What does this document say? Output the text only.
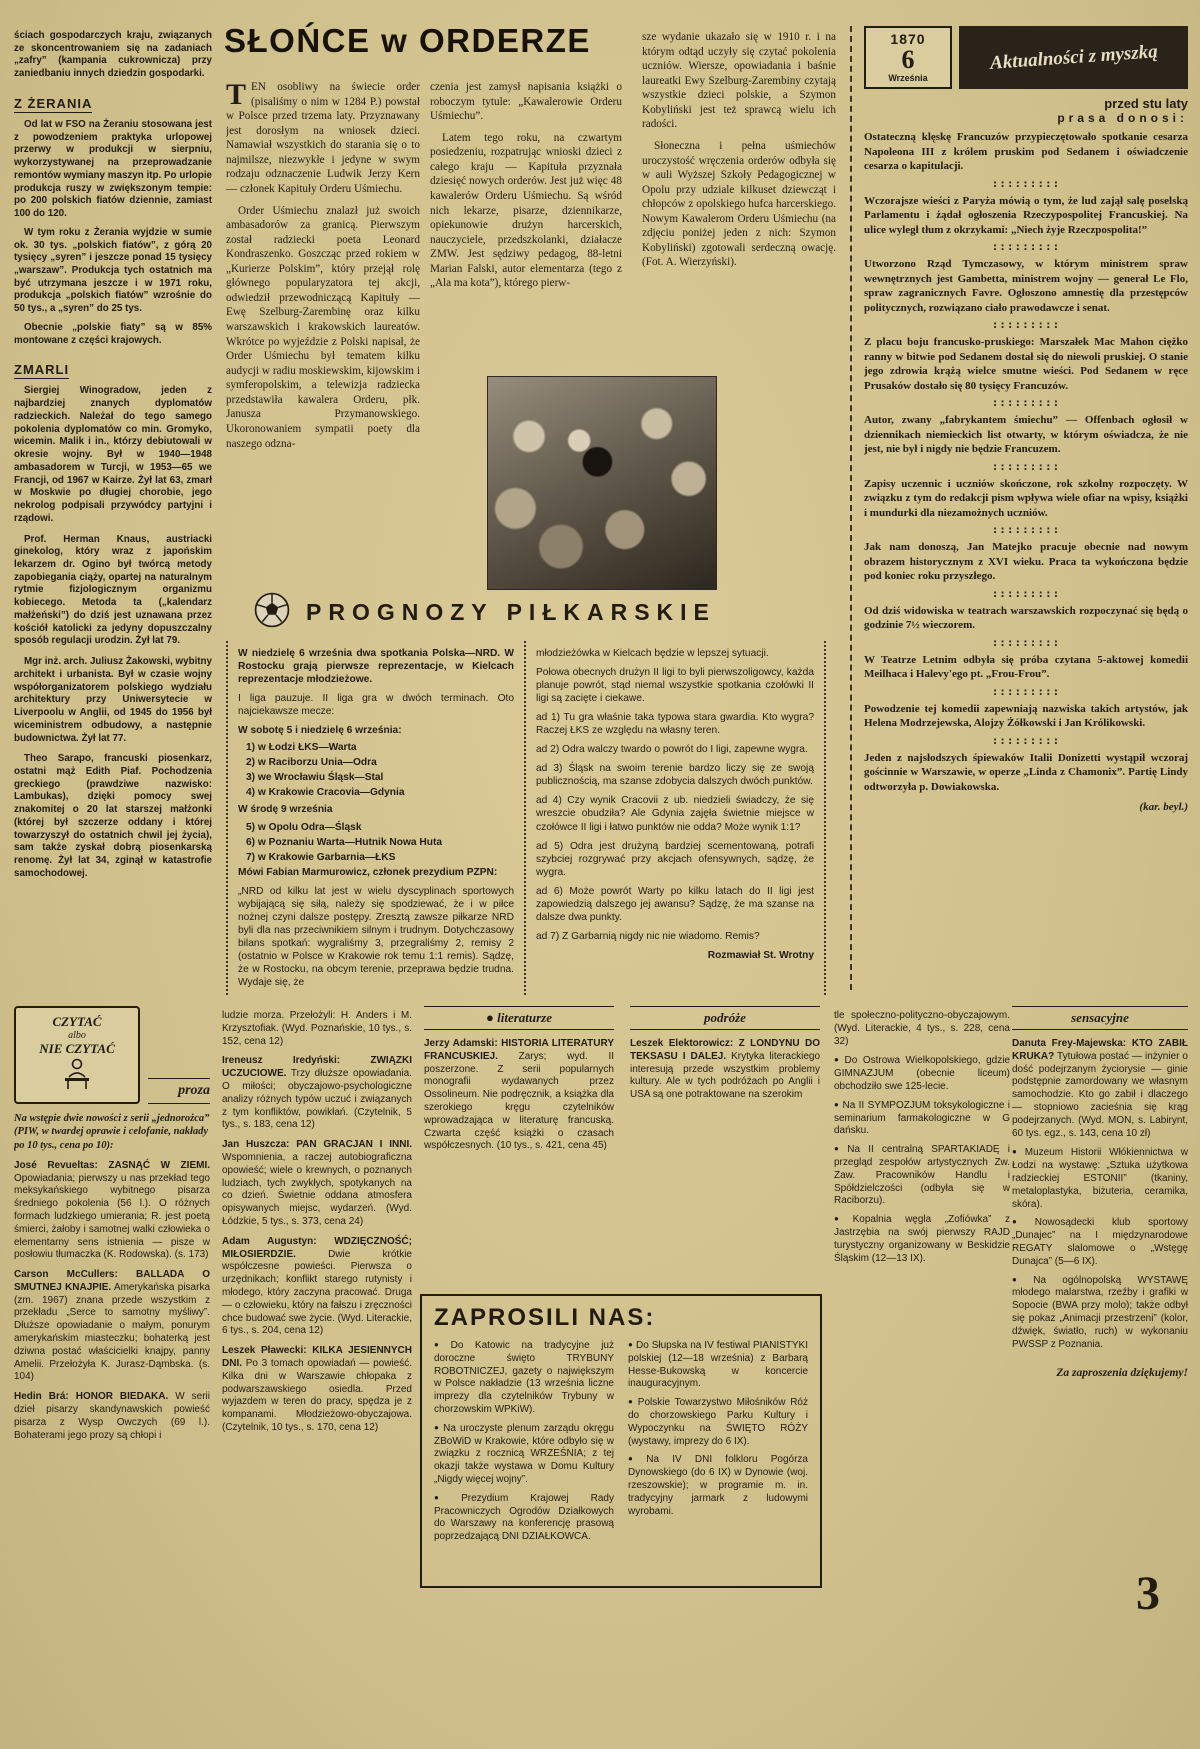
ściach gospodarczych kraju, związanych ze skoncentrowaniem się na zadaniach „zafry” (kampania cukrownicza) przy zaniedbaniu innych dziedzin gospodarki.

Z ŻERANIA

Od lat w FSO na Żeraniu stosowana jest z powodzeniem praktyka urlopowej przerwy w produkcji w sierpniu, wykorzystywanej na przeprowadzanie remontów wymiany maszyn itp. Po urlopie produkcja ruszy w zwiększonym tempie: po 200 polskich fiatów dziennie, zamiast 100 do 120.

W tym roku z Żerania wyjdzie w sumie ok. 30 tys. „polskich fiatów”, z górą 20 tysięcy „syren” i jeszcze ponad 15 tysięcy „warszaw”. Produkcja tych ostatnich ma być utrzymana jeszcze i w 1971 roku, produkcja „polskich fiatów” wzrośnie do 50 tys., a „syren” do 25 tys.

Obecnie „polskie fiaty” są w 85% montowane z części krajowych.

ZMARLI

Siergiej Winogradow, jeden z najbardziej znanych dyplomatów radzieckich. Należał do tego samego pokolenia dyplomatów co min. Gromyko, wicemin. Malik i in., którzy debiutowali w okresie wojny. Był w 1940—1948 ambasadorem w Turcji, w 1953—65 we Francji, od 1967 w Kairze. Żył lat 63, zmarł w Moskwie po długiej chorobie, jego nekrolog podpisali przywódcy partyjni i rządowi.

Prof. Herman Knaus, austriacki ginekolog, który wraz z japońskim lekarzem dr. Ogino był twórcą metody zapobiegania ciąży, opartej na naturalnym rytmie fizjologicznym organizmu kobiecego. Metoda ta („kalendarz małżeński”) do dziś jest uznawana przez kościół katolicki za jedyny dopuszczalny sposób regulacji urodzin. Żył lat 79.

Mgr inż. arch. Juliusz Żakowski, wybitny architekt i urbanista. Był w czasie wojny współorganizatorem polskiego wydziału architektury przy Uniwersytecie w Liverpoolu w Anglii, od 1945 do 1956 był wiceministrem odbudowy, a następnie budownictwa. Żył lat 77.

Theo Sarapo, francuski piosenkarz, ostatni mąż Edith Piaf. Pochodzenia greckiego (prawdziwe nazwisko: Lambukas), dzięki pomocy swej znakomitej o 20 lat starszej małżonki (której był szczerze oddany i której towarzyszył do ostatnich chwil jej życia), sam także zyskał dobrą piosenkarską renomę. Żył lat 34, zginął w katastrofie samochodowej.

SŁOŃCE w ORDERZE

TEN osobliwy na świecie order (pisaliśmy o nim w 1284 P.) powstał w Polsce przed trzema laty. Przyznawany jest dorosłym na wniosek dzieci. Namawiał wszystkich do starania się o to najmilsze, niezwykłe i jedyne w swym rodzaju odznaczenie Ludwik Jerzy Kern — członek Kapituły Orderu Uśmiechu.

Order Uśmiechu znalazł już swoich ambasadorów za granicą. Pierwszym został radziecki poeta Leonard Kondraszenko. Goszcząc przed rokiem w „Kurierze Polskim”, który przejął rolę głównego popularyzatora tej akcji, odwiedził przewodniczącą Kapituły — Ewę Szelburg-Zarembinę oraz kilku warszawskich i krakowskich laureatów. Wkrótce po wyjeździe z Polski napisał, że Order Uśmiechu był tematem kilku audycji w radiu moskiewskim, kijowskim i symferopolskim, a telewizja radziecka przedstawiła kawalera Orderu, płk. Janusza Przymanowskiego. Ukoronowaniem sympatii poety dla naszego odzna-

czenia jest zamysł napisania książki o roboczym tytule: „Kawalerowie Orderu Uśmiechu”.

Latem tego roku, na czwartym posiedzeniu, rozpatrując wnioski dzieci z całego kraju — Kapituła przyznała dziesięć nowych orderów. Jest już więc 48 kawalerów Orderu Uśmiechu. Są wśród nich lekarze, pisarze, dziennikarze, opiekunowie drużyn harcerskich, nauczyciele, przedszkolanki, działacze ZMW. Jest sędziwy pedagog, 88-letni Marian Falski, autor elementarza (tego z „Ala ma kota”), którego pierw-

sze wydanie ukazało się w 1910 r. i na którym odtąd uczyły się czytać pokolenia uczniów. Wiersze, opowiadania i baśnie laureatki Ewy Szelburg-Zarembiny czytają wszystkie dzieci polskie, a Szymon Kobyliński jest też sprawcą wielu ich radości.

Słoneczna i pełna uśmiechów uroczystość wręczenia orderów odbyła się w auli Wyższej Szkoły Pedagogicznej w Opolu przy udziale kilkuset dziewcząt i chłopców z opolskiego hufca harcerskiego. Nowym Kawalerom Orderu Uśmiechu (na zdjęciu poniżej jeden z nich: Szymon Kobyliński) zgotowali serdeczną owację. (Fot. A. Wierzyński).

1870
6
Września
Aktualności z myszką
przed stu laty
prasa donosi:

Ostateczną klęskę Francuzów przypieczętowało spotkanie cesarza Napoleona III z królem pruskim pod Sedanem i oświadczenie cesarza o kapitulacji.

:::::::::

Wczorajsze wieści z Paryża mówią o tym, że lud zajął salę poselską Parlamentu i żądał ogłoszenia Rzeczypospolitej Francuskiej. Na ulice wyległ tłum z okrzykami: „Niech żyje Rzeczpospolita!”

:::::::::

Utworzono Rząd Tymczasowy, w którym ministrem spraw wewnętrznych jest Gambetta, ministrem wojny — generał Le Flo, spraw zagranicznych Favre. Ogłoszono amnestię dla przestępców politycznych, rozwiązano ciało prawodawcze i senat.

:::::::::

Z placu boju francusko-pruskiego: Marszałek Mac Mahon ciężko ranny w bitwie pod Sedanem dostał się do niewoli pruskiej. O stanie jego zdrowia krążą wielce smutne wieści. Pod Sedanem w ręce Prusaków dostało się 80 tysięcy Francuzów.

:::::::::

Autor, zwany „fabrykantem śmiechu” — Offenbach ogłosił w dziennikach niemieckich list otwarty, w którym oświadcza, że nie jest, nie był i nigdy nie będzie Francuzem.

:::::::::

Zapisy uczennic i uczniów skończone, rok szkolny rozpoczęty. W związku z tym do redakcji pism wpływa wiele ofiar na wpisy, książki i mundurki dla niezamożnych uczniów.

:::::::::

Jak nam donoszą, Jan Matejko pracuje obecnie nad nowym obrazem historycznym z XVI wieku. Praca ta wykończona będzie pod koniec roku przyszłego.

:::::::::

Od dziś widowiska w teatrach warszawskich rozpoczynać się będą o godzinie 7½ wieczorem.

:::::::::

W Teatrze Letnim odbyła się próba czytana 5-aktowej komedii Meilhaca i Halevy'ego pt. „Frou-Frou”.

:::::::::

Powodzenie tej komedii zapewniają nazwiska takich artystów, jak Helena Modrzejewska, Alojzy Żółkowski i Jan Królikowski.

:::::::::

Jeden z najsłodszych śpiewaków Italii Donizetti wystąpił wczoraj gościnnie w Warszawie, w operze „Linda z Chamonix”. Partię Lindy odtworzyła p. Dowiakowska.

(kar. beyl.)
PROGNOZY PIŁKARSKIE

W niedzielę 6 września dwa spotkania Polska—NRD. W Rostocku grają pierwsze reprezentacje, w Kielcach reprezentacje młodzieżowe.

I liga pauzuje. II liga gra w dwóch terminach. Oto najciekawsze mecze:

W sobotę 5 i niedzielę 6 września:

1) w Łodzi ŁKS—Warta

2) w Raciborzu Unia—Odra

3) we Wrocławiu Śląsk—Stal

4) w Krakowie Cracovia—Gdynia

W środę 9 września

5) w Opolu Odra—Śląsk

6) w Poznaniu Warta—Hutnik Nowa Huta

7) w Krakowie Garbarnia—ŁKS

Mówi Fabian Marmurowicz, członek prezydium PZPN:

„NRD od kilku lat jest w wielu dyscyplinach sportowych wybijającą się siłą, należy się spodziewać, że i w piłce nożnej czyni dalsze postępy. Zresztą zawsze piłkarze NRD byli dla nas przeciwnikiem silnym i trudnym. Dotychczasowy bilans spotkań: wygraliśmy 3, przegraliśmy 2, remisy 2 (ostatnio w Polsce w Krakowie rok temu 1:1 remis). Sądzę, że w Rostocku, na obcym terenie, przeprawa będzie trudna. Wydaje się, że

młodzieżówka w Kielcach będzie w lepszej sytuacji.

Połowa obecnych drużyn II ligi to byli pierwszoligowcy, każda planuje powrót, stąd niemal wszystkie spotkania czołówki II ligi są zacięte i ciekawe.

ad 1) Tu gra właśnie taka typowa stara gwardia. Kto wygra? Raczej ŁKS ze względu na własny teren.

ad 2) Odra walczy twardo o powrót do I ligi, zapewne wygra.

ad 3) Śląsk na swoim terenie bardzo liczy się ze swoją publicznością, ma szanse zdobycia dalszych dwóch punktów.

ad 4) Czy wynik Cracovii z ub. niedzieli świadczy, że się wreszcie obudziła? Ale Gdynia zajęła świetnie miejsce w czołówce II ligi i łatwo punktów nie odda? Może wynik 1:1?

ad 5) Odra jest drużyną bardziej scementowaną, potrafi szybciej rozgrywać przy akcjach ofensywnych, sądzę, że wygra.

ad 6) Może powrót Warty po kilku latach do II ligi jest zapowiedzią dalszego jej awansu? Sądzę, że ma szanse na dalsze dwa punkty.

ad 7) Z Garbarnią nigdy nic nie wiadomo. Remis?

Rozmawiał St. Wrotny

CZYTAĆ
albo
NIE CZYTAĆ
proza

Na wstępie dwie nowości z serii „jednorożca” (PIW, w twardej oprawie i celofanie, nakłady po 10 tys., cena po 10):

José Revueltas: ZASNĄĆ W ZIEMI. Opowiadania; pierwszy u nas przekład tego meksykańskiego wybitnego pisarza średniego pokolenia (56 l.). O różnych formach ludzkiego umierania; R. jest poetą śmierci, żałoby i samotnej walki człowieka o elementarny sens istnienia — pisze w posłowiu tłumaczka (K. Rodowska). (s. 173)

Carson McCullers: BALLADA O SMUTNEJ KNAJPIE. Amerykańska pisarka (zm. 1967) znana przede wszystkim z przekładu „Serce to samotny myśliwy”. Dłuższe opowiadanie o małym, ponurym amerykańskim miasteczku; bohaterką jest dziwna postać właścicielki knajpy, panny Amelii. Przełożyła K. Jurasz-Dąmbska. (s. 104)

Hedin Brá: HONOR BIEDAKA. W serii dzieł pisarzy skandynawskich powieść pisarza z Wysp Owczych (69 l.). Bohaterami jego prozy są chłopi i

ludzie morza. Przełożyli: H. Anders i M. Krzysztofiak. (Wyd. Poznańskie, 10 tys., s. 152, cena 12)

Ireneusz Iredyński: ZWIĄZKI UCZUCIOWE. Trzy dłuższe opowiadania. O miłości; obyczajowo-psychologiczne analizy różnych typów uczuć i związanych z tym konfliktów, powikłań. (Czytelnik, 5 tys., s. 183, cena 12)

Jan Huszcza: PAN GRACJAN I INNI. Wspomnienia, a raczej autobiograficzna opowieść; wiele o krewnych, o poznanych ludziach, tych zwykłych, spotykanych na co dzień. Świetnie oddana atmosfera opisywanych miejsc, wydarzeń. (Wyd. Łódzkie, 5 tys., s. 373, cena 24)

Adam Augustyn: WDZIĘCZNOŚĆ; MIŁOSIERDZIE.	Dwie krótkie współczesne powieści. Pierwsza o urzędnikach; konflikt starego rutynisty i młodego, który zaczyna pracować. Druga — o człowieku, który na fałszu i zręczności chce budować swe życie. (Wyd. Literackie, 6 tys., s. 204, cena 12)

Leszek Pławecki: KILKA JESIENNYCH DNI. Po 3 tomach opowiadań — powieść. Kilka dni w Warszawie chłopaka z podwarszawskiego osiedla. Przed wyjazdem w teren do pracy, spędza je z kompanami. Młodzieżowo-obyczajowa. (Czytelnik, 10 tys., s. 170, cena 12)

● literaturze

Jerzy Adamski: HISTORIA LITERATURY FRANCUSKIEJ. Zarys; wyd. II poszerzone. Z serii popularnych monografii wydawanych przez Ossolineum. Nie podręcznik, a książka dla szerokiego kręgu czytelników wprowadzająca w literaturę francuską. Czwarta część książki o czasach współczesnych. (10 tys., s. 421, cena 45)

podróże

Leszek Elektorowicz: Z LONDYNU DO TEKSASU I DALEJ. Krytyka literackiego interesują przede wszystkim problemy kultury. Ale w tych podróżach po Anglii i USA są one potraktowane na szerokim

ZAPROSILI NAS:

● Do Katowic na tradycyjne już doroczne święto TRYBUNY ROBOTNICZEJ, gazety o największym w Polsce nakładzie (13 września liczne imprezy dla czytelników Trybuny w chorzowskim WPKiW).

● Na uroczyste plenum zarządu okręgu ZBoWiD w Krakowie, które odbyło się w związku z rocznicą WRZEŚNIA; z tej okazji także wystawa w Domu Kultury „Nigdy więcej wojny”.

● Prezydium Krajowej Rady Pracowniczych Ogrodów Działkowych do Warszawy na konferencję prasową poprzedzającą DNI DZIAŁKOWCA.

● Do Słupska na IV festiwal PIANISTYKI polskiej (12—18 września) z Barbarą Hesse-Bukowską w koncercie inauguracyjnym.

● Polskie Towarzystwo Miłośników Róż do chorzowskiego Parku Kultury i Wypoczynku na ŚWIĘTO RÓŻY (wystawy, imprezy do 6 IX).

● Na IV DNI folkloru Pogórza Dynowskiego (do 6 IX) w Dynowie (woj. rzeszowskie); w programie m. in. tradycyjny jarmark z ludowymi wyrobami.

tle społeczno-polityczno-obyczajowym. (Wyd. Literackie, 4 tys., s. 228, cena 32)

● Do Ostrowa Wielkopolskiego, gdzie GIMNAZJUM (obecnie liceum) obchodziło swe 125-lecie.

● Na II SYMPOZJUM toksykologiczne i seminarium farmakologiczne w G dańsku.

● Na II centralną SPARTAKIADĘ i przegląd zespołów artystycznych Zw. Zaw. Pracowników Handlu i Spółdzielczości (odbyła się w Raciborzu).

● Kopalnia węgla „Zofiówka” z Jastrzębia na swój pierwszy RAJD turystyczny organizowany w Beskidzie Śląskim (12—13 IX).

sensacyjne

Danuta Frey-Majewska: KTO ZABIŁ KRUKA? Tytułowa postać — inżynier o dość podejrzanym życiorysie — ginie podstępnie zamordowany we własnym samochodzie. Kto go zabił i dlaczego — stopniowo zacieśnia się krąg podejrzanych. (Wyd. MON, s. Labirynt, 60 tys. egz., s. 143, cena 10 zł)

● Muzeum Historii Włókiennictwa w Łodzi na wystawę: „Sztuka użytkowa radzieckiej ESTONII” (tkaniny, metaloplastyka, biżuteria, ceramika, skóra).

● Nowosądecki klub sportowy „Dunajec” na I międzynarodowe REGATY slalomowe o „Wstęgę Dunajca” (5—6 IX).

● Na ogólnopolską WYSTAWĘ młodego malarstwa, rzeźby i grafiki w Sopocie (BWA przy molo); także odbył się pokaz „Animacji przestrzeni” (kolor, dźwięk, światło, ruch) w wykonaniu PWSSP z Poznania.

Za zaproszenia dziękujemy!

3
